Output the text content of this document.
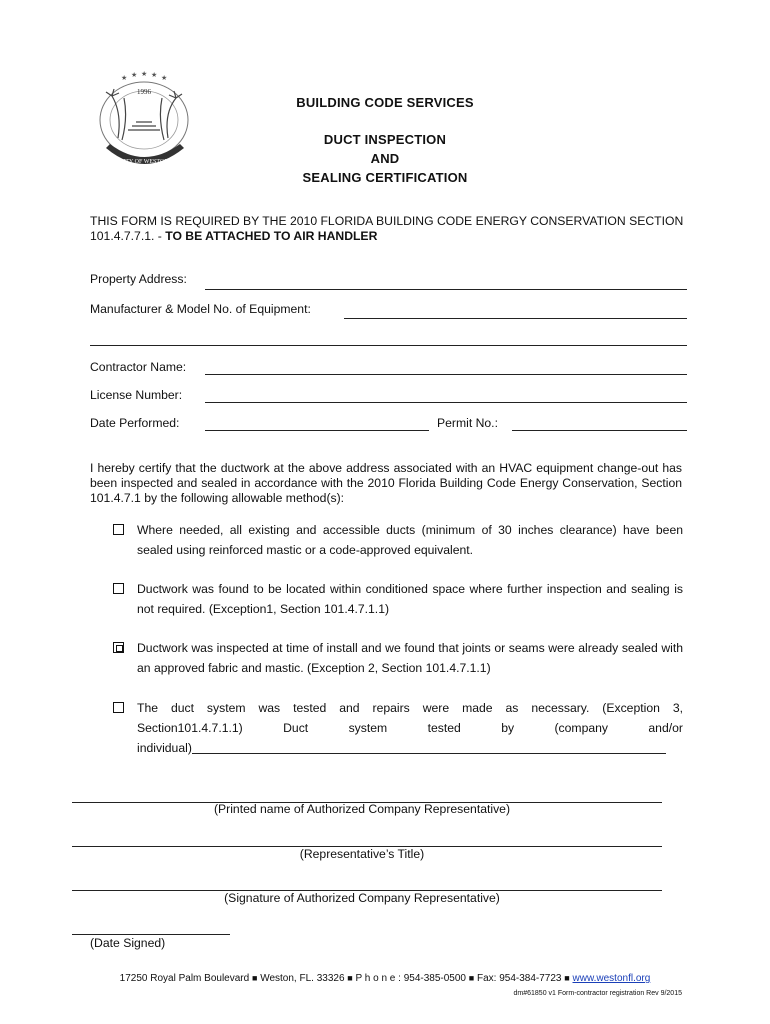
★ ★ ★ ★ ★
1996
CITY OF WESTON
BUILDING CODE SERVICES
DUCT INSPECTION
AND
SEALING CERTIFICATION
THIS FORM IS REQUIRED BY THE 2010 FLORIDA BUILDING CODE ENERGY CONSERVATION SECTION 101.4.7.7.1. - TO BE ATTACHED TO AIR HANDLER
Property Address:
Manufacturer & Model No. of Equipment:
Contractor Name:
License Number:
Date Performed:	Permit No.:
I hereby certify that the ductwork at the above address associated with an HVAC equipment change-out has been inspected and sealed in accordance with the 2010 Florida Building Code Energy Conservation, Section 101.4.7.1 by the following allowable method(s):
Where needed, all existing and accessible ducts (minimum of 30 inches clearance) have been sealed using reinforced mastic or a code-approved equivalent.
Ductwork was found to be located within conditioned space where further inspection and sealing is not required. (Exception1, Section 101.4.7.1.1)
Ductwork was inspected at time of install and we found that joints or seams were already sealed with an approved fabric and mastic. (Exception 2, Section 101.4.7.1.1)
The duct system was tested and repairs were made as necessary. (Exception 3,
Section101.4.7.1.1)	Duct	system	tested	by	(company	and/or
individual)
(Printed name of Authorized Company Representative)
(Representative’s Title)
(Signature of Authorized Company Representative)
(Date Signed)
17250 Royal Palm Boulevard ■ Weston, FL. 33326 ■ P h o n e : 954-385-0500 ■ Fax: 954-384-7723 ■ www.westonfl.org
dm#61850 v1 Form-contractor registration Rev 9/2015
